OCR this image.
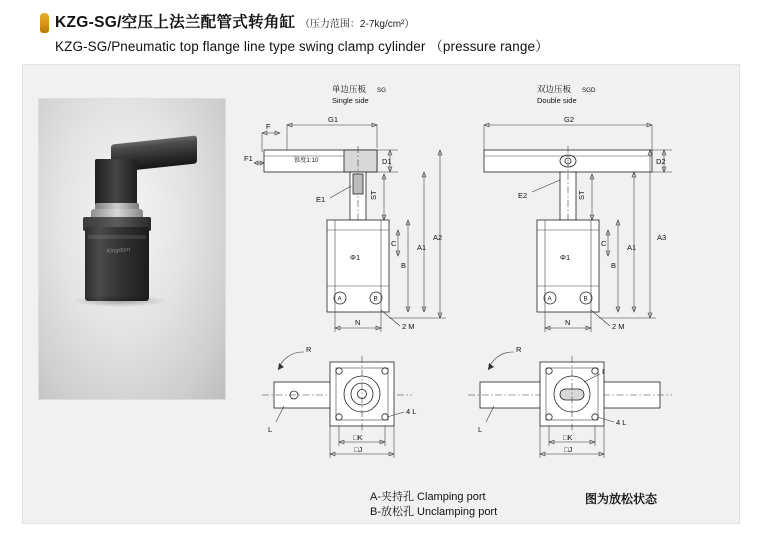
KZG-SG/空压上法兰配管式转角缸 （压力范围：2-7kg/cm²）
KZG-SG/Pneumatic top flange line type swing clamp cylinder （pressure range）
Kingdom
单边压板 SG
Single side
G1
F
锥度1:10
F1	D1
E1	ST
C
Φ1
A	B
B
A1
A2
N	2 M
双边压板 SGD
Double side
G2
D2
E2	ST
C
Φ1
A	B
B
A1
A3
N	2 M
R
4 L
L
□K
□J
R
I
4 L
L
□K
□J
A-夹持孔 Clamping port
B-放松孔 Unclamping port
图为放松状态
